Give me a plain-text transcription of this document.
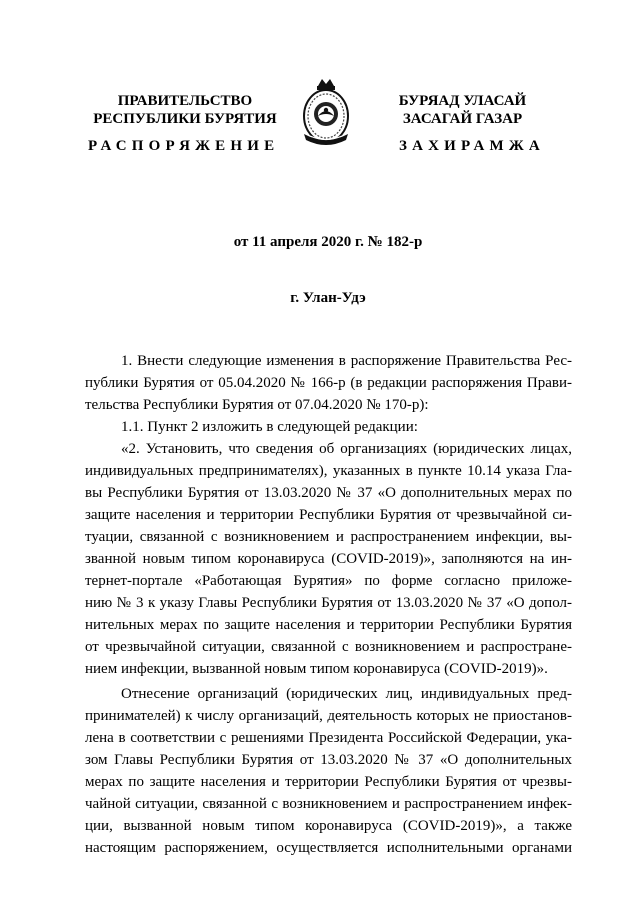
ПРАВИТЕЛЬСТВО
РЕСПУБЛИКИ БУРЯТИЯ
БУРЯАД УЛАСАЙ
ЗАСАГАЙ ГАЗАР
РАСПОРЯЖЕНИЕ	ЗАХИРАМЖА
от 11 апреля 2020 г. № 182-р
г. Улан-Удэ
1. Внести следующие изменения в распоряжение Правительства Рес-
публики Бурятия от 05.04.2020 № 166-р (в редакции распоряжения Прави-
тельства Республики Бурятия от 07.04.2020 № 170-р):
1.1. Пункт 2 изложить в следующей редакции:
«2. Установить, что сведения об организациях (юридических лицах,
индивидуальных предпринимателях), указанных в пункте 10.14 указа Гла-
вы Республики Бурятия от 13.03.2020 № 37 «О дополнительных мерах по
защите населения и территории Республики Бурятия от чрезвычайной си-
туации, связанной с возникновением и распространением инфекции, вы-
званной новым типом коронавируса (COVID-2019)», заполняются на ин-
тернет-портале «Работающая Бурятия» по форме согласно приложе-
нию № 3 к указу Главы Республики Бурятия от 13.03.2020 № 37 «О допол-
нительных мерах по защите населения и территории Республики Бурятия
от чрезвычайной ситуации, связанной с возникновением и распростране-
нием инфекции, вызванной новым типом коронавируса (COVID-2019)».
Отнесение организаций (юридических лиц, индивидуальных пред-
принимателей) к числу организаций, деятельность которых не приостанов-
лена в соответствии с решениями Президента Российской Федерации, ука-
зом Главы Республики Бурятия от 13.03.2020 № 37 «О дополнительных
мерах по защите населения и территории Республики Бурятия от чрезвы-
чайной ситуации, связанной с возникновением и распространением инфек-
ции, вызванной новым типом коронавируса (COVID-2019)», а также
настоящим распоряжением, осуществляется исполнительными органами
